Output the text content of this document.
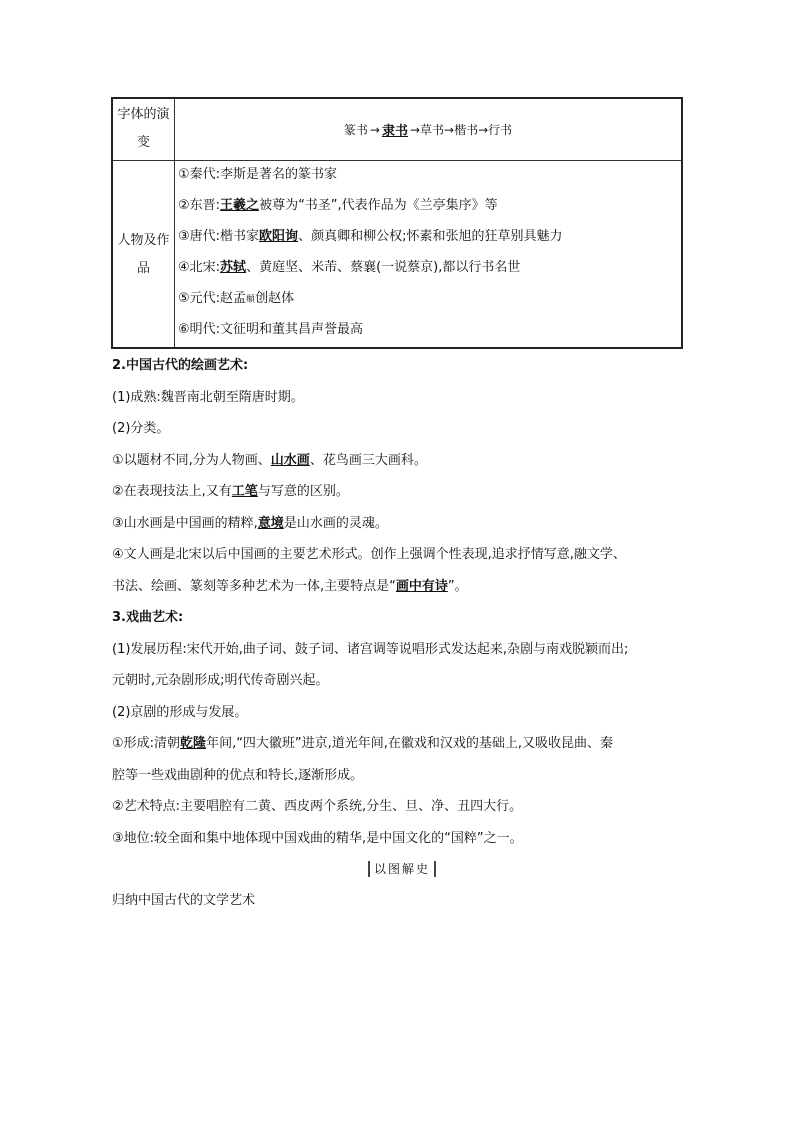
字体的演
变
篆书 → 隶书 →草书→楷书→行书
人物及作
品
①秦代:李斯是著名的篆书家
②东晋:王羲之被尊为“书圣”,代表作品为《兰亭集序》等
③唐代:楷书家欧阳询、颜真卿和柳公权;怀素和张旭的狂草别具魅力
④北宋:苏轼、黄庭坚、米芾、蔡襄(一说蔡京),都以行书名世
⑤元代:赵孟頫创赵体
⑥明代:文征明和董其昌声誉最高
2.中国古代的绘画艺术:
(1)成熟:魏晋南北朝至隋唐时期。
(2)分类。
①以题材不同,分为人物画、山水画、花鸟画三大画科。
②在表现技法上,又有工笔与写意的区别。
③山水画是中国画的精粹,意境是山水画的灵魂。
④文人画是北宋以后中国画的主要艺术形式。创作上强调个性表现,追求抒情写意,融文学、
书法、绘画、篆刻等多种艺术为一体,主要特点是“画中有诗”。
3.戏曲艺术:
(1)发展历程:宋代开始,曲子词、鼓子词、诸宫调等说唱形式发达起来,杂剧与南戏脱颖而出;
元朝时,元杂剧形成;明代传奇剧兴起。
(2)京剧的形成与发展。
①形成:清朝乾隆年间,“四大徽班”进京,道光年间,在徽戏和汉戏的基础上,又吸收昆曲、秦
腔等一些戏曲剧种的优点和特长,逐渐形成。
②艺术特点:主要唱腔有二黄、西皮两个系统,分生、旦、净、丑四大行。
③地位:较全面和集中地体现中国戏曲的精华,是中国文化的“国粹”之一。
以图解史
归纳中国古代的文学艺术
